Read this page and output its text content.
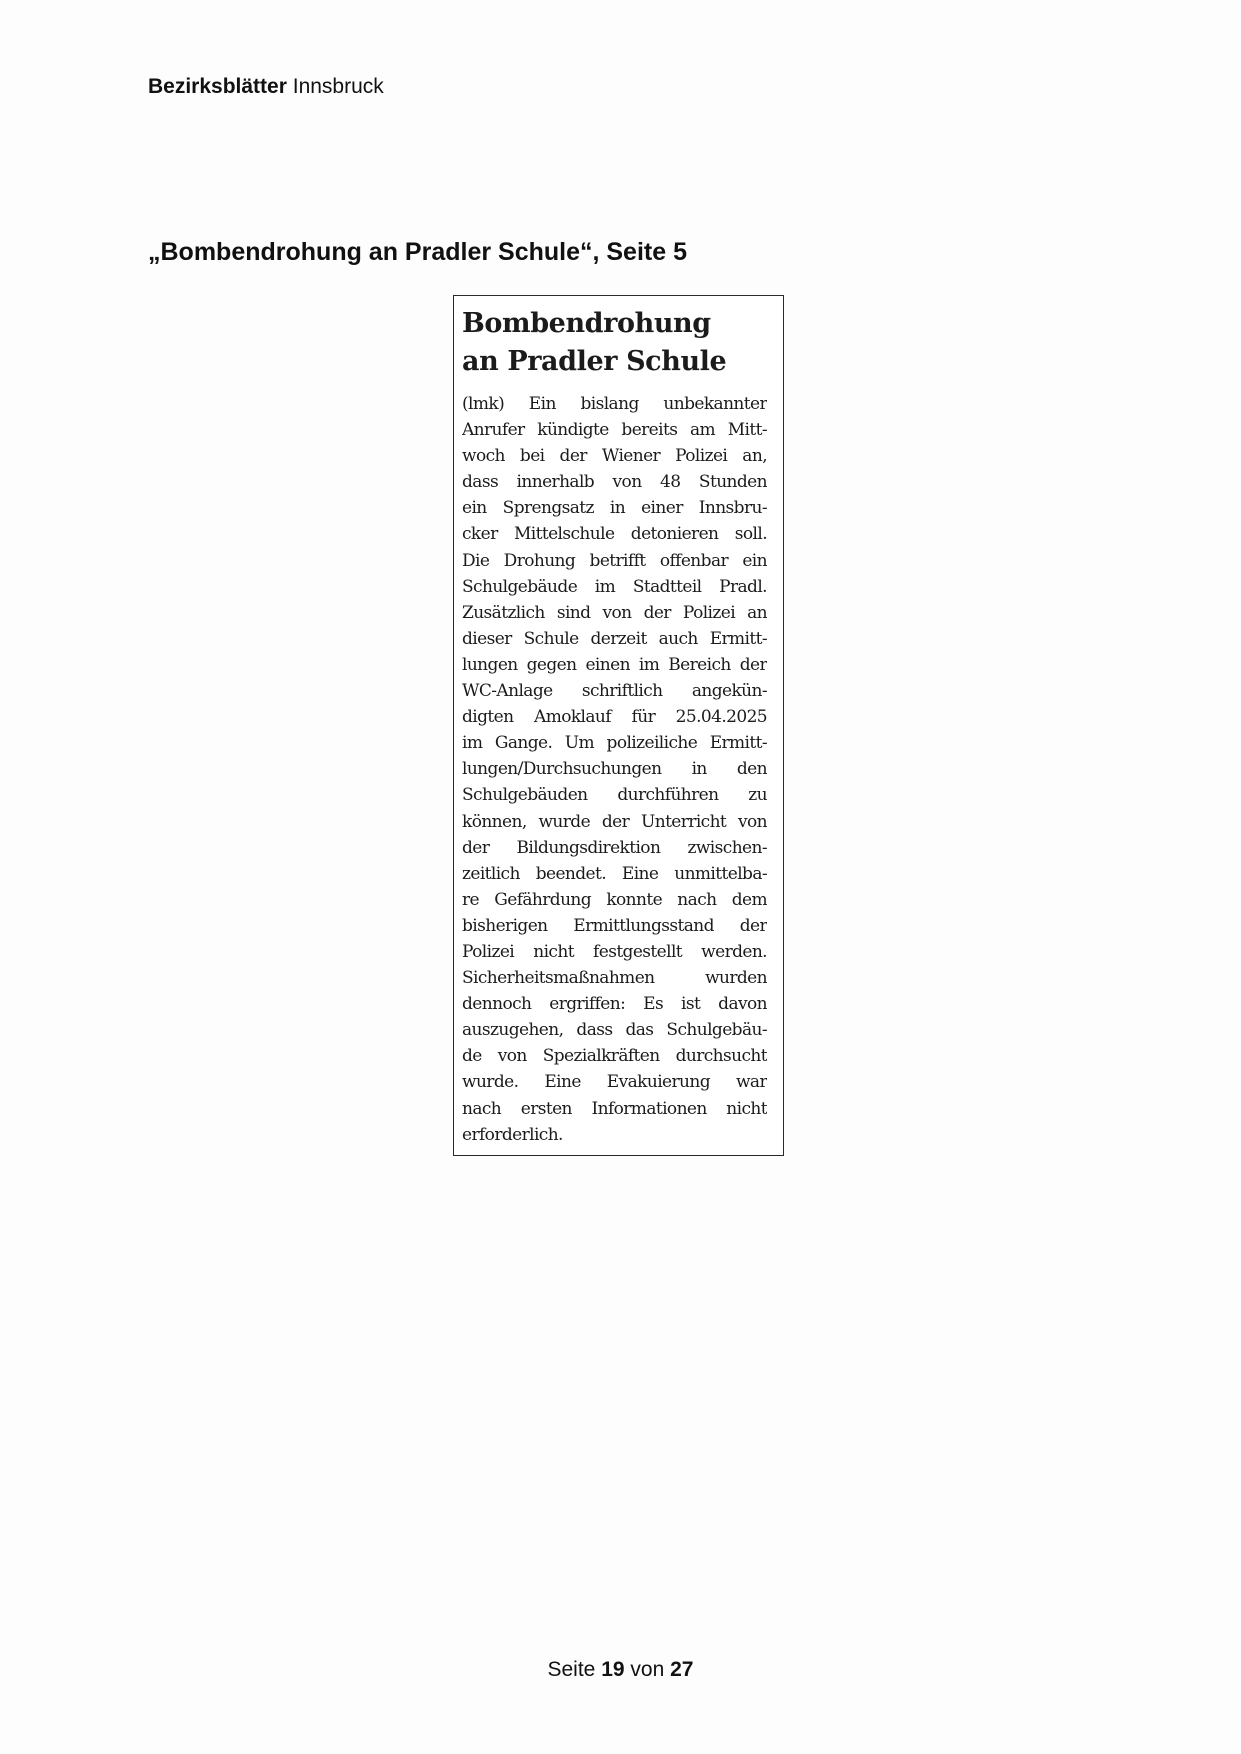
Bezirksblätter Innsbruck
„Bombendrohung an Pradler Schule“, Seite 5
Bombendrohung
an Pradler Schule
(lmk) Ein bislang unbekannter
Anrufer kündigte bereits am Mitt-
woch bei der Wiener Polizei an,
dass innerhalb von 48 Stunden
ein Sprengsatz in einer Innsbru-
cker Mittelschule detonieren soll.
Die Drohung betrifft offenbar ein
Schulgebäude im Stadtteil Pradl.
Zusätzlich sind von der Polizei an
dieser Schule derzeit auch Ermitt-
lungen gegen einen im Bereich der
WC-Anlage schriftlich angekün-
digten Amoklauf für 25.04.2025
im Gange. Um polizeiliche Ermitt-
lungen/Durchsuchungen in den
Schulgebäuden durchführen zu
können, wurde der Unterricht von
der Bildungsdirektion zwischen-
zeitlich beendet. Eine unmittelba-
re Gefährdung konnte nach dem
bisherigen Ermittlungsstand der
Polizei nicht festgestellt werden.
Sicherheitsmaßnahmen wurden
dennoch ergriffen: Es ist davon
auszugehen, dass das Schulgebäu-
de von Spezialkräften durchsucht
wurde. Eine Evakuierung war
nach ersten Informationen nicht
erforderlich.
Seite 19 von 27
